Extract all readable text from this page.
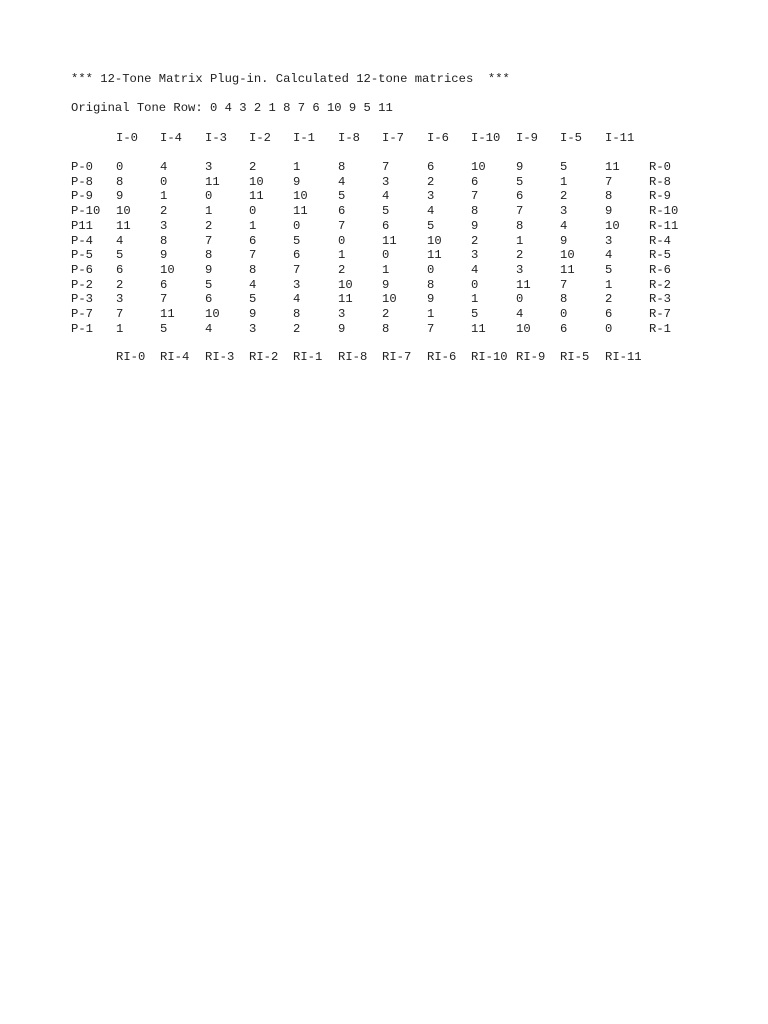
*** 12-Tone Matrix Plug-in. Calculated 12-tone matrices  ***
Original Tone Row: 0 4 3 2 1 8 7 6 10 9 5 11
I-0 I-4 I-3 I-2 I-1 I-8 I-7 I-6 I-10 I-9 I-5 I-11
P-0 0	4	3	2	1	8	7	6	10 9	5	11 R-0
P-8 8	0	11 10 9	4	3	2	6	5	1	7	R-8
P-9 9	1	0	11 10 5	4	3	7	6	2	8	R-9
P-10 10 2	1	0	11 6	5	4	8	7	3	9	R-10
P11 11 3	2	1	0	7	6	5	9	8	4	10 R-11
P-4 4	8	7	6	5	0	11 10 2	1	9	3	R-4
P-5 5	9	8	7	6	1	0	11 3	2	10 4	R-5
P-6 6	10 9	8	7	2	1	0	4	3	11 5	R-6
P-2 2	6	5	4	3	10 9	8	0	11 7	1	R-2
P-3 3	7	6	5	4	11 10 9	1	0	8	2	R-3
P-7 7	11 10 9	8	3	2	1	5	4	0	6	R-7
P-1 1	5	4	3	2	9	8	7	11 10 6	0	R-1
RI-0 RI-4 RI-3 RI-2 RI-1 RI-8 RI-7 RI-6 RI-10 RI-9 RI-5 RI-11
